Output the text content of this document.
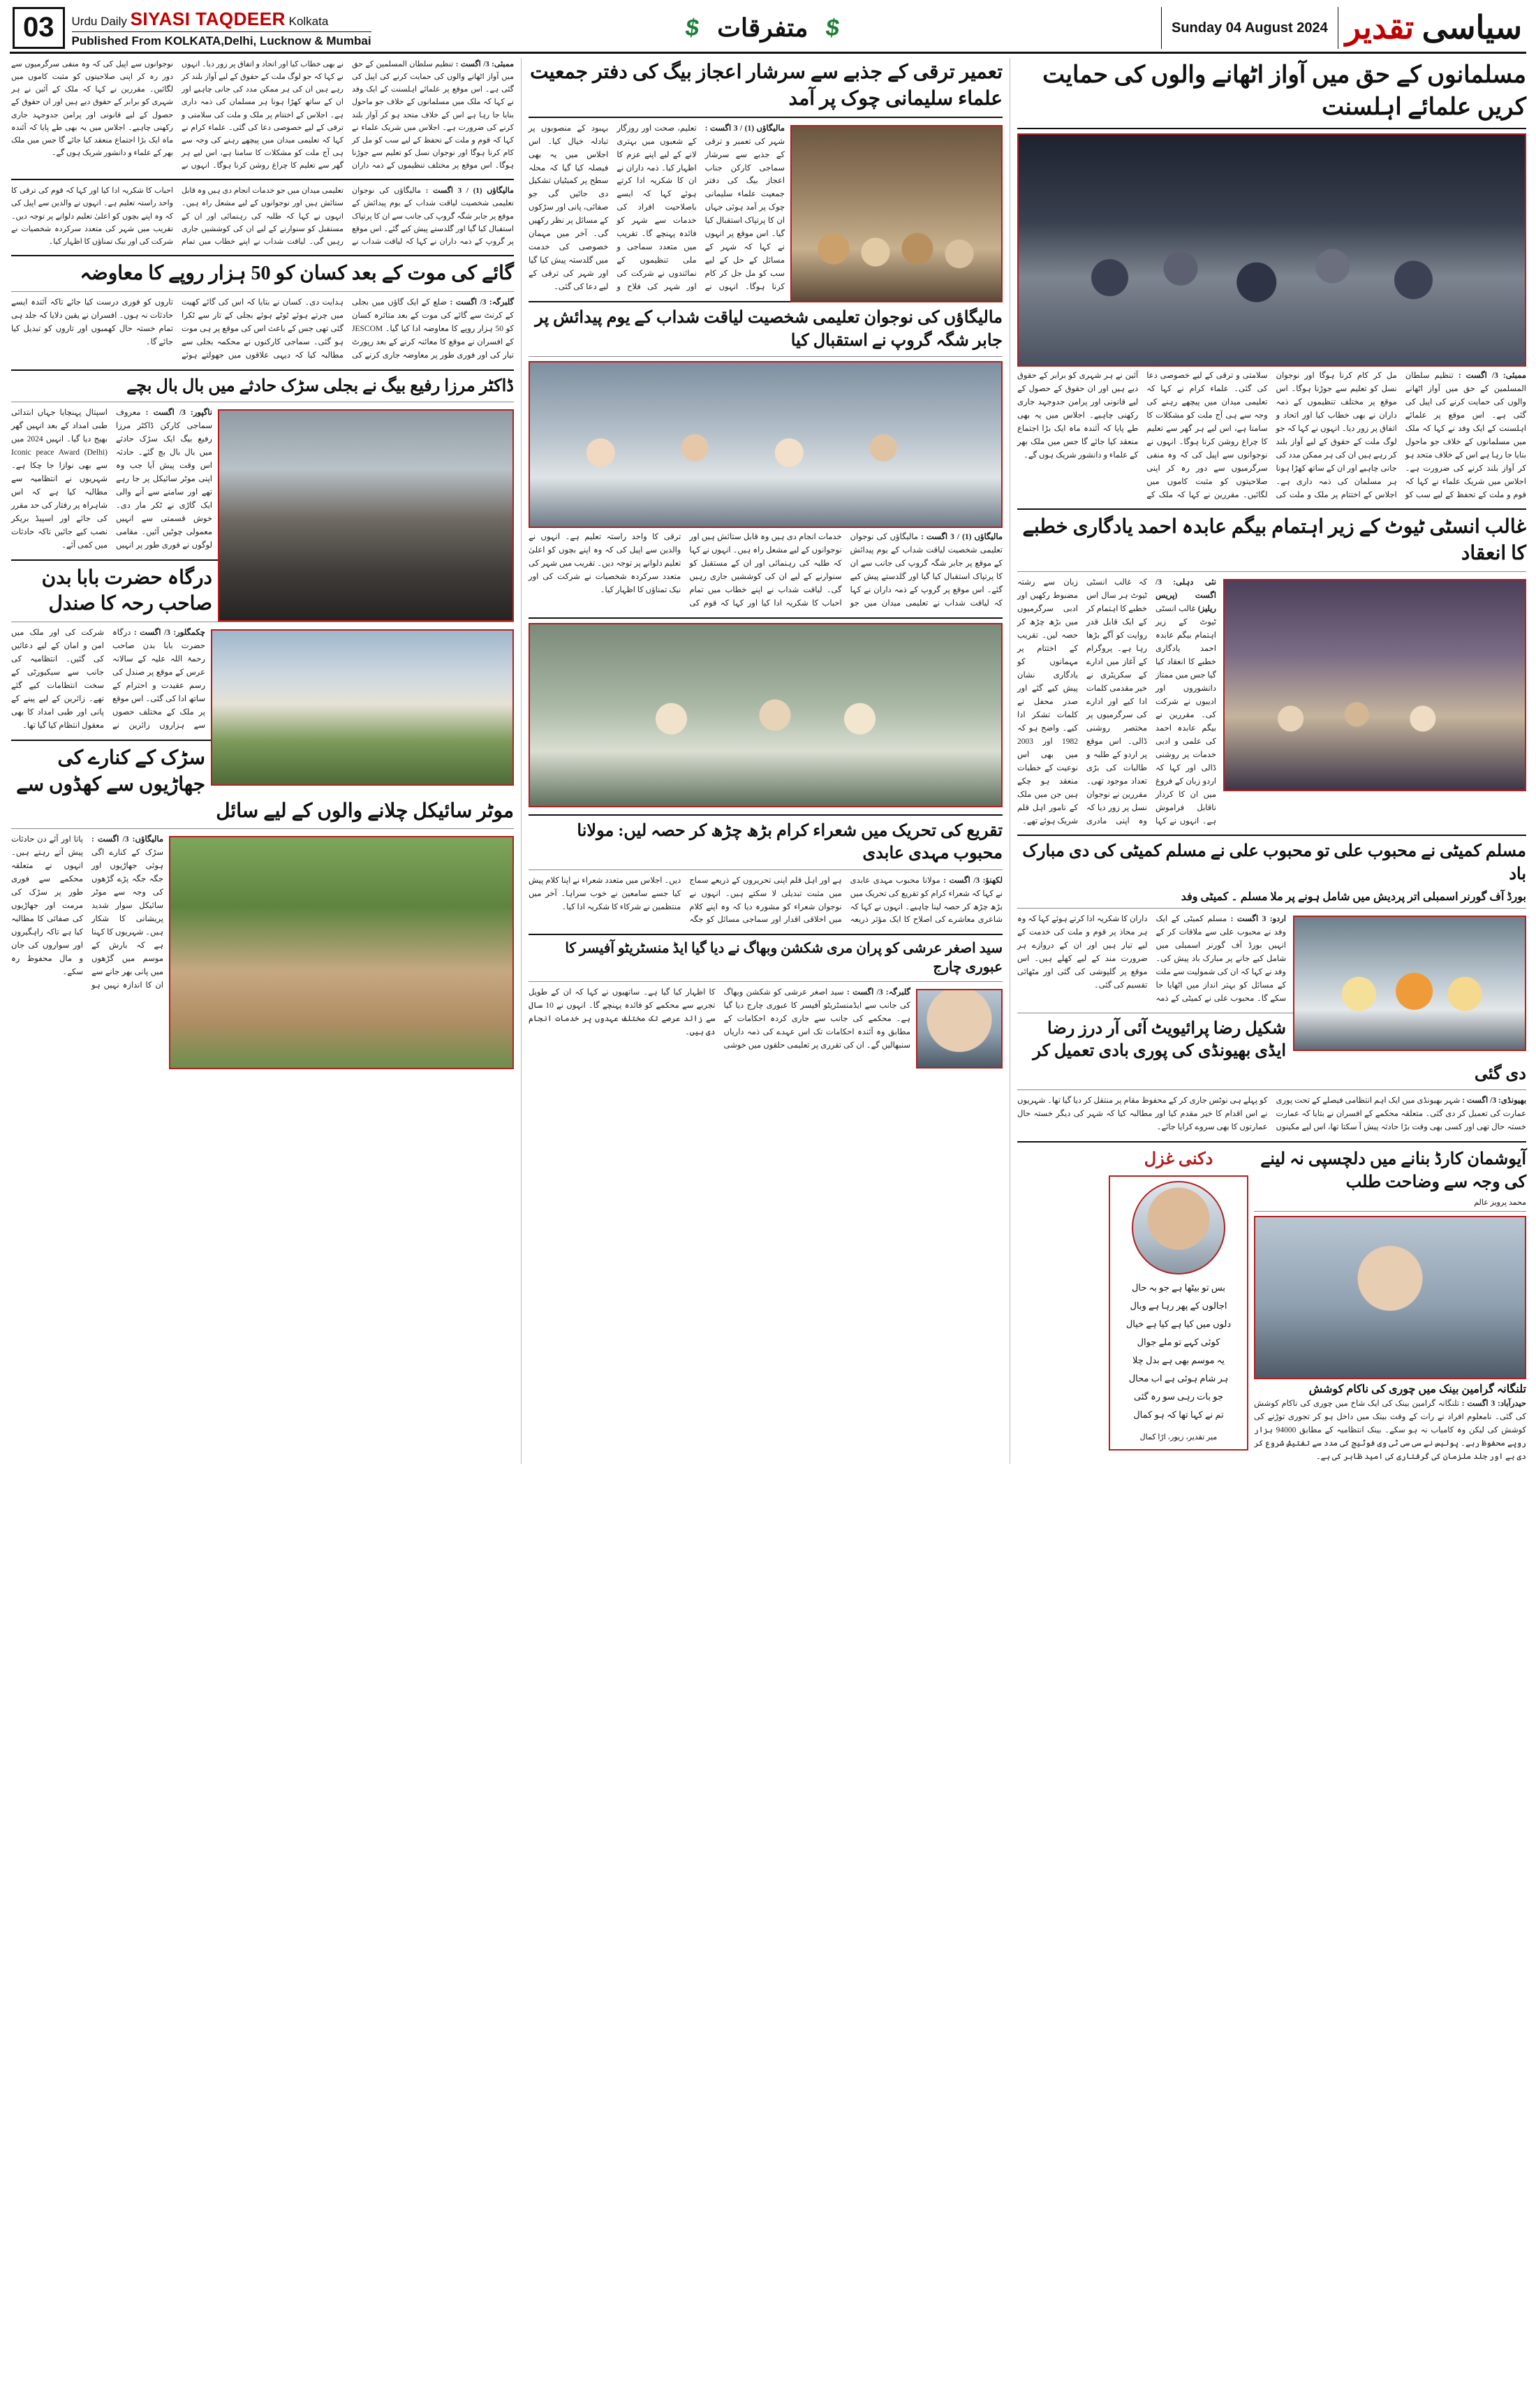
03	Urdu Daily SIYASI TAQDEER Kolkata
Published From KOLKATA,Delhi, Lucknow & Mumbai	$ متفرقات $	Sunday 04 August 2024	سیاسی تقدیر
مسلمانوں کے حق میں آواز اٹھانے والوں کی حمایت کریں علمائے اہلسنت
ممبئی: 3/ اگست : تنظیم سلطان المسلمین کے حق میں آواز اٹھانے والوں کی حمایت کرنے کی اپیل کی گئی ہے۔ اس موقع پر علمائے اہلسنت کے ایک وفد نے کہا کہ ملک میں مسلمانوں کے خلاف جو ماحول بنایا جا رہا ہے اس کے خلاف متحد ہو کر آواز بلند کرنے کی ضرورت ہے۔ اجلاس میں شریک علماء نے کہا کہ قوم و ملت کے تحفظ کے لیے سب کو مل کر کام کرنا ہوگا اور نوجوان نسل کو تعلیم سے جوڑنا ہوگا۔ اس موقع پر مختلف تنظیموں کے ذمہ داران نے بھی خطاب کیا اور اتحاد و اتفاق پر زور دیا۔ انہوں نے کہا کہ جو لوگ ملت کے حقوق کے لیے آواز بلند کر رہے ہیں ان کی ہر ممکن مدد کی جانی چاہیے اور ان کے ساتھ کھڑا ہونا ہر مسلمان کی ذمہ داری ہے۔ اجلاس کے اختتام پر ملک و ملت کی سلامتی و ترقی کے لیے خصوصی دعا کی گئی۔ علماء کرام نے کہا کہ تعلیمی میدان میں پیچھے رہنے کی وجہ سے ہی آج ملت کو مشکلات کا سامنا ہے، اس لیے ہر گھر سے تعلیم کا چراغ روشن کرنا ہوگا۔ انہوں نے نوجوانوں سے اپیل کی کہ وہ منفی سرگرمیوں سے دور رہ کر اپنی صلاحیتوں کو مثبت کاموں میں لگائیں۔ مقررین نے کہا کہ ملک کے آئین نے ہر شہری کو برابر کے حقوق دیے ہیں اور ان حقوق کے حصول کے لیے قانونی اور پرامن جدوجہد جاری رکھنی چاہیے۔ اجلاس میں یہ بھی طے پایا کہ آئندہ ماہ ایک بڑا اجتماع منعقد کیا جائے گا جس میں ملک بھر کے علماء و دانشور شریک ہوں گے۔
غالب انسٹی ٹیوٹ کے زیر اہتمام بیگم عابدہ احمد یادگاری خطبے کا انعقاد
نئی دہلی: 3/ اگست (پریس ریلیز) غالب انسٹی ٹیوٹ کے زیر اہتمام بیگم عابدہ احمد یادگاری خطبے کا انعقاد کیا گیا جس میں ممتاز دانشوروں اور ادیبوں نے شرکت کی۔ مقررین نے بیگم عابدہ احمد کی علمی و ادبی خدمات پر روشنی ڈالی اور کہا کہ اردو زبان کے فروغ میں ان کا کردار ناقابل فراموش ہے۔ انہوں نے کہا کہ غالب انسٹی ٹیوٹ ہر سال اس خطبے کا اہتمام کر کے ایک قابل قدر روایت کو آگے بڑھا رہا ہے۔ پروگرام کے آغاز میں ادارے کے سکریٹری نے خیر مقدمی کلمات ادا کیے اور ادارے کی سرگرمیوں پر مختصر روشنی ڈالی۔ اس موقع پر اردو کے طلبہ و طالبات کی بڑی تعداد موجود تھی۔ مقررین نے نوجوان نسل پر زور دیا کہ وہ اپنی مادری زبان سے رشتہ مضبوط رکھیں اور ادبی سرگرمیوں میں بڑھ چڑھ کر حصہ لیں۔ تقریب کے اختتام پر مہمانوں کو یادگاری نشان پیش کیے گئے اور صدر محفل نے کلمات تشکر ادا کیے۔ واضح ہو کہ 1982 اور 2003 میں بھی اس نوعیت کے خطبات منعقد ہو چکے ہیں جن میں ملک کے نامور اہل قلم شریک ہوئے تھے۔
مسلم کمیٹی نے محبوب علی تو محبوب علی نے مسلم کمیٹی کی دی مبارک باد
بورڈ آف گورنر اسمبلی اتر پردیش میں شامل ہونے پر ملا مسلم ۔ کمیٹی وفد
اردو: 3 اگست : مسلم کمیٹی کے ایک وفد نے محبوب علی سے ملاقات کر کے انہیں بورڈ آف گورنر اسمبلی میں شامل کیے جانے پر مبارک باد پیش کی۔ وفد نے کہا کہ ان کی شمولیت سے ملت کے مسائل کو بہتر انداز میں اٹھایا جا سکے گا۔ محبوب علی نے کمیٹی کے ذمہ داران کا شکریہ ادا کرتے ہوئے کہا کہ وہ ہر محاذ پر قوم و ملت کی خدمت کے لیے تیار ہیں اور ان کے دروازے ہر ضرورت مند کے لیے کھلے ہیں۔ اس موقع پر گلپوشی کی گئی اور مٹھائی تقسیم کی گئی۔
شکیل رضا پرائیویٹ آئی آر درز رضا ایڈی بھیونڈی کی پوری بادی تعمیل کر دی گئی
بھیونڈی: 3/ اگست : شہر بھیونڈی میں ایک اہم انتظامی فیصلے کے تحت پوری عمارت کی تعمیل کر دی گئی۔ متعلقہ محکمے کے افسران نے بتایا کہ عمارت خستہ حال تھی اور کسی بھی وقت بڑا حادثہ پیش آ سکتا تھا، اس لیے مکینوں کو پہلے ہی نوٹس جاری کر کے محفوظ مقام پر منتقل کر دیا گیا تھا۔ شہریوں نے اس اقدام کا خیر مقدم کیا اور مطالبہ کیا کہ شہر کی دیگر خستہ حال عمارتوں کا بھی سروے کرایا جائے۔
آیوشمان کارڈ بنانے میں دلچسپی نہ لینے کی وجہ سے وضاحت طلب
محمد پرویز عالم
تلنگانہ گرامین بینک میں چوری کی ناکام کوشش
حیدرآباد: 3 اگست : تلنگانہ گرامین بینک کی ایک شاخ میں چوری کی ناکام کوشش کی گئی۔ نامعلوم افراد نے رات کے وقت بینک میں داخل ہو کر تجوری توڑنے کی کوشش کی لیکن وہ کامیاب نہ ہو سکے۔ بینک انتظامیہ کے مطابق 94000 ہزار روپے محفوظ رہے۔ پولیس نے سی سی ٹی وی فوٹیج کی مدد سے تفتیش شروع کر دی ہے اور جلد ملزمان کی گرفتاری کی امید ظاہر کی ہے۔
دکنی غزل
بس تو بیٹھا ہے جو بہ حال
اجالوں کے پھر رہا ہے وبال
دلوں میں کیا ہے کیا ہے خیال
کوئی کہے تو ملے جوال
یہ موسم بھی ہے بدل چلا
ہر شام ہوئی ہے اب محال
جو بات رہی سو رہ گئی
تم نے کہا تھا کہ ہو کمال
میر تقدیر، زیور، اڑا کمال
تعمیر ترقی کے جذبے سے سرشار اعجاز بیگ کی دفتر جمعیت علماء سلیمانی چوک پر آمد
مالیگاؤں (1) / 3 اگست : شہر کی تعمیر و ترقی کے جذبے سے سرشار سماجی کارکن جناب اعجاز بیگ کی دفتر جمعیت علماء سلیمانی چوک پر آمد ہوئی جہاں ان کا پرتپاک استقبال کیا گیا۔ اس موقع پر انہوں نے کہا کہ شہر کے مسائل کے حل کے لیے سب کو مل جل کر کام کرنا ہوگا۔ انہوں نے تعلیم، صحت اور روزگار کے شعبوں میں بہتری لانے کے لیے اپنے عزم کا اظہار کیا۔ ذمہ داران نے ان کا شکریہ ادا کرتے ہوئے کہا کہ ایسے باصلاحیت افراد کی خدمات سے شہر کو فائدہ پہنچے گا۔ تقریب میں متعدد سماجی و ملی تنظیموں کے نمائندوں نے شرکت کی اور شہر کی فلاح و بہبود کے منصوبوں پر تبادلہ خیال کیا۔ اس اجلاس میں یہ بھی فیصلہ کیا گیا کہ محلہ سطح پر کمیٹیاں تشکیل دی جائیں گی جو صفائی، پانی اور سڑکوں کے مسائل پر نظر رکھیں گی۔ آخر میں مہمان خصوصی کی خدمت میں گلدستہ پیش کیا گیا اور شہر کی ترقی کے لیے دعا کی گئی۔
مالیگاؤں کی نوجوان تعلیمی شخصیت لیاقت شداب کے یوم پیدائش پر جابر شگہ گروپ نے استقبال کیا
مالیگاؤں (1) / 3 اگست : مالیگاؤں کی نوجوان تعلیمی شخصیت لیاقت شداب کے یوم پیدائش کے موقع پر جابر شگہ گروپ کی جانب سے ان کا پرتپاک استقبال کیا گیا اور گلدستے پیش کیے گئے۔ اس موقع پر گروپ کے ذمہ داران نے کہا کہ لیاقت شداب نے تعلیمی میدان میں جو خدمات انجام دی ہیں وہ قابل ستائش ہیں اور نوجوانوں کے لیے مشعل راہ ہیں۔ انہوں نے کہا کہ طلبہ کی رہنمائی اور ان کے مستقبل کو سنوارنے کے لیے ان کی کوششیں جاری رہیں گی۔ لیاقت شداب نے اپنے خطاب میں تمام احباب کا شکریہ ادا کیا اور کہا کہ قوم کی ترقی کا واحد راستہ تعلیم ہے۔ انہوں نے والدین سے اپیل کی کہ وہ اپنے بچوں کو اعلیٰ تعلیم دلوانے پر توجہ دیں۔ تقریب میں شہر کی متعدد سرکردہ شخصیات نے شرکت کی اور نیک تمناؤں کا اظہار کیا۔
تقریع کی تحریک میں شعراء کرام بڑھ چڑھ کر حصہ لیں: مولانا محبوب مہدی عابدی
لکھنؤ: 3/ اگست : مولانا محبوب مہدی عابدی نے کہا کہ شعراء کرام کو تقریع کی تحریک میں بڑھ چڑھ کر حصہ لینا چاہیے۔ انہوں نے کہا کہ شاعری معاشرے کی اصلاح کا ایک مؤثر ذریعہ ہے اور اہل قلم اپنی تحریروں کے ذریعے سماج میں مثبت تبدیلی لا سکتے ہیں۔ انہوں نے نوجوان شعراء کو مشورہ دیا کہ وہ اپنے کلام میں اخلاقی اقدار اور سماجی مسائل کو جگہ دیں۔ اجلاس میں متعدد شعراء نے اپنا کلام پیش کیا جسے سامعین نے خوب سراہا۔ آخر میں منتظمین نے شرکاء کا شکریہ ادا کیا۔
سید اصغر عرشی کو پران مری شکشن وبھاگ نے دیا گیا ایڈ منسٹریٹو آفیسر کا عبوری چارج
گلبرگہ: 3/ اگست : سید اصغر عرشی کو شکشن وبھاگ کی جانب سے ایڈمنسٹریٹو آفیسر کا عبوری چارج دیا گیا ہے۔ محکمے کی جانب سے جاری کردہ احکامات کے مطابق وہ آئندہ احکامات تک اس عہدے کی ذمہ داریاں سنبھالیں گے۔ ان کی تقرری پر تعلیمی حلقوں میں خوشی کا اظہار کیا گیا ہے۔ ساتھیوں نے کہا کہ ان کے طویل تجربے سے محکمے کو فائدہ پہنچے گا۔ انہوں نے 10 سال سے زائد عرصے تک مختلف عہدوں پر خدمات انجام دی ہیں۔
ممبئی: 3/ اگست : تنظیم سلطان المسلمین کے حق میں آواز اٹھانے والوں کی حمایت کرنے کی اپیل کی گئی ہے۔ اس موقع پر علمائے اہلسنت کے ایک وفد نے کہا کہ ملک میں مسلمانوں کے خلاف جو ماحول بنایا جا رہا ہے اس کے خلاف متحد ہو کر آواز بلند کرنے کی ضرورت ہے۔ اجلاس میں شریک علماء نے کہا کہ قوم و ملت کے تحفظ کے لیے سب کو مل کر کام کرنا ہوگا اور نوجوان نسل کو تعلیم سے جوڑنا ہوگا۔ اس موقع پر مختلف تنظیموں کے ذمہ داران نے بھی خطاب کیا اور اتحاد و اتفاق پر زور دیا۔ انہوں نے کہا کہ جو لوگ ملت کے حقوق کے لیے آواز بلند کر رہے ہیں ان کی ہر ممکن مدد کی جانی چاہیے اور ان کے ساتھ کھڑا ہونا ہر مسلمان کی ذمہ داری ہے۔ اجلاس کے اختتام پر ملک و ملت کی سلامتی و ترقی کے لیے خصوصی دعا کی گئی۔ علماء کرام نے کہا کہ تعلیمی میدان میں پیچھے رہنے کی وجہ سے ہی آج ملت کو مشکلات کا سامنا ہے، اس لیے ہر گھر سے تعلیم کا چراغ روشن کرنا ہوگا۔ انہوں نے نوجوانوں سے اپیل کی کہ وہ منفی سرگرمیوں سے دور رہ کر اپنی صلاحیتوں کو مثبت کاموں میں لگائیں۔ مقررین نے کہا کہ ملک کے آئین نے ہر شہری کو برابر کے حقوق دیے ہیں اور ان حقوق کے حصول کے لیے قانونی اور پرامن جدوجہد جاری رکھنی چاہیے۔ اجلاس میں یہ بھی طے پایا کہ آئندہ ماہ ایک بڑا اجتماع منعقد کیا جائے گا جس میں ملک بھر کے علماء و دانشور شریک ہوں گے۔
مالیگاؤں (1) / 3 اگست : مالیگاؤں کی نوجوان تعلیمی شخصیت لیاقت شداب کے یوم پیدائش کے موقع پر جابر شگہ گروپ کی جانب سے ان کا پرتپاک استقبال کیا گیا اور گلدستے پیش کیے گئے۔ اس موقع پر گروپ کے ذمہ داران نے کہا کہ لیاقت شداب نے تعلیمی میدان میں جو خدمات انجام دی ہیں وہ قابل ستائش ہیں اور نوجوانوں کے لیے مشعل راہ ہیں۔ انہوں نے کہا کہ طلبہ کی رہنمائی اور ان کے مستقبل کو سنوارنے کے لیے ان کی کوششیں جاری رہیں گی۔ لیاقت شداب نے اپنے خطاب میں تمام احباب کا شکریہ ادا کیا اور کہا کہ قوم کی ترقی کا واحد راستہ تعلیم ہے۔ انہوں نے والدین سے اپیل کی کہ وہ اپنے بچوں کو اعلیٰ تعلیم دلوانے پر توجہ دیں۔ تقریب میں شہر کی متعدد سرکردہ شخصیات نے شرکت کی اور نیک تمناؤں کا اظہار کیا۔
گائے کی موت کے بعد کسان کو 50 ہزار روپے کا معاوضہ
گلبرگہ: 3/ اگست : ضلع کے ایک گاؤں میں بجلی کے کرنٹ سے گائے کی موت کے بعد متاثرہ کسان کو 50 ہزار روپے کا معاوضہ ادا کیا گیا۔ JESCOM کے افسران نے موقع کا معائنہ کرنے کے بعد رپورٹ تیار کی اور فوری طور پر معاوضہ جاری کرنے کی ہدایت دی۔ کسان نے بتایا کہ اس کی گائے کھیت میں چرتے ہوئے ٹوٹے ہوئے بجلی کے تار سے ٹکرا گئی تھی جس کے باعث اس کی موقع پر ہی موت ہو گئی۔ سماجی کارکنوں نے محکمہ بجلی سے مطالبہ کیا کہ دیہی علاقوں میں جھولتے ہوئے تاروں کو فوری درست کیا جائے تاکہ آئندہ ایسے حادثات نہ ہوں۔ افسران نے یقین دلایا کہ جلد ہی تمام خستہ حال کھمبوں اور تاروں کو تبدیل کیا جائے گا۔
ڈاکٹر مرزا رفیع بیگ نے بجلی سڑک حادثے میں بال بال بچے
ناگپور: 3/ اگست : معروف سماجی کارکن ڈاکٹر مرزا رفیع بیگ ایک سڑک حادثے میں بال بال بچ گئے۔ حادثہ اس وقت پیش آیا جب وہ اپنی موٹر سائیکل پر جا رہے تھے اور سامنے سے آنے والی ایک گاڑی نے ٹکر مار دی۔ خوش قسمتی سے انہیں معمولی چوٹیں آئیں۔ مقامی لوگوں نے فوری طور پر انہیں اسپتال پہنچایا جہاں ابتدائی طبی امداد کے بعد انہیں گھر بھیج دیا گیا۔ انہیں 2024 میں Iconic peace Award (Delhi) سے بھی نوازا جا چکا ہے۔ شہریوں نے انتظامیہ سے مطالبہ کیا ہے کہ اس شاہراہ پر رفتار کی حد مقرر کی جائے اور اسپیڈ بریکر نصب کیے جائیں تاکہ حادثات میں کمی آئے۔
درگاہ حضرت بابا بدن صاحب رحہ کا صندل
چکمگلور: 3/ اگست : درگاہ حضرت بابا بدن صاحب رحمۃ اللہ علیہ کے سالانہ عرس کے موقع پر صندل کی رسم عقیدت و احترام کے ساتھ ادا کی گئی۔ اس موقع پر ملک کے مختلف حصوں سے ہزاروں زائرین نے شرکت کی اور ملک میں امن و امان کے لیے دعائیں کی گئیں۔ انتظامیہ کی جانب سے سیکیورٹی کے سخت انتظامات کیے گئے تھے۔ زائرین کے لیے پینے کے پانی اور طبی امداد کا بھی معقول انتظام کیا گیا تھا۔
سڑک کے کنارے کی جھاڑیوں سے کھڈوں سے موٹر سائیکل چلانے والوں کے لیے سائل
مالیگاؤں: 3/ اگست : سڑک کے کنارے اگی ہوئی جھاڑیوں اور جگہ جگہ پڑے گڑھوں کی وجہ سے موٹر سائیکل سوار شدید پریشانی کا شکار ہیں۔ شہریوں کا کہنا ہے کہ بارش کے موسم میں گڑھوں میں پانی بھر جانے سے ان کا اندازہ نہیں ہو پاتا اور آئے دن حادثات پیش آتے رہتے ہیں۔ انہوں نے متعلقہ محکمے سے فوری طور پر سڑک کی مرمت اور جھاڑیوں کی صفائی کا مطالبہ کیا ہے تاکہ راہگیروں اور سواروں کی جان و مال محفوظ رہ سکے۔
